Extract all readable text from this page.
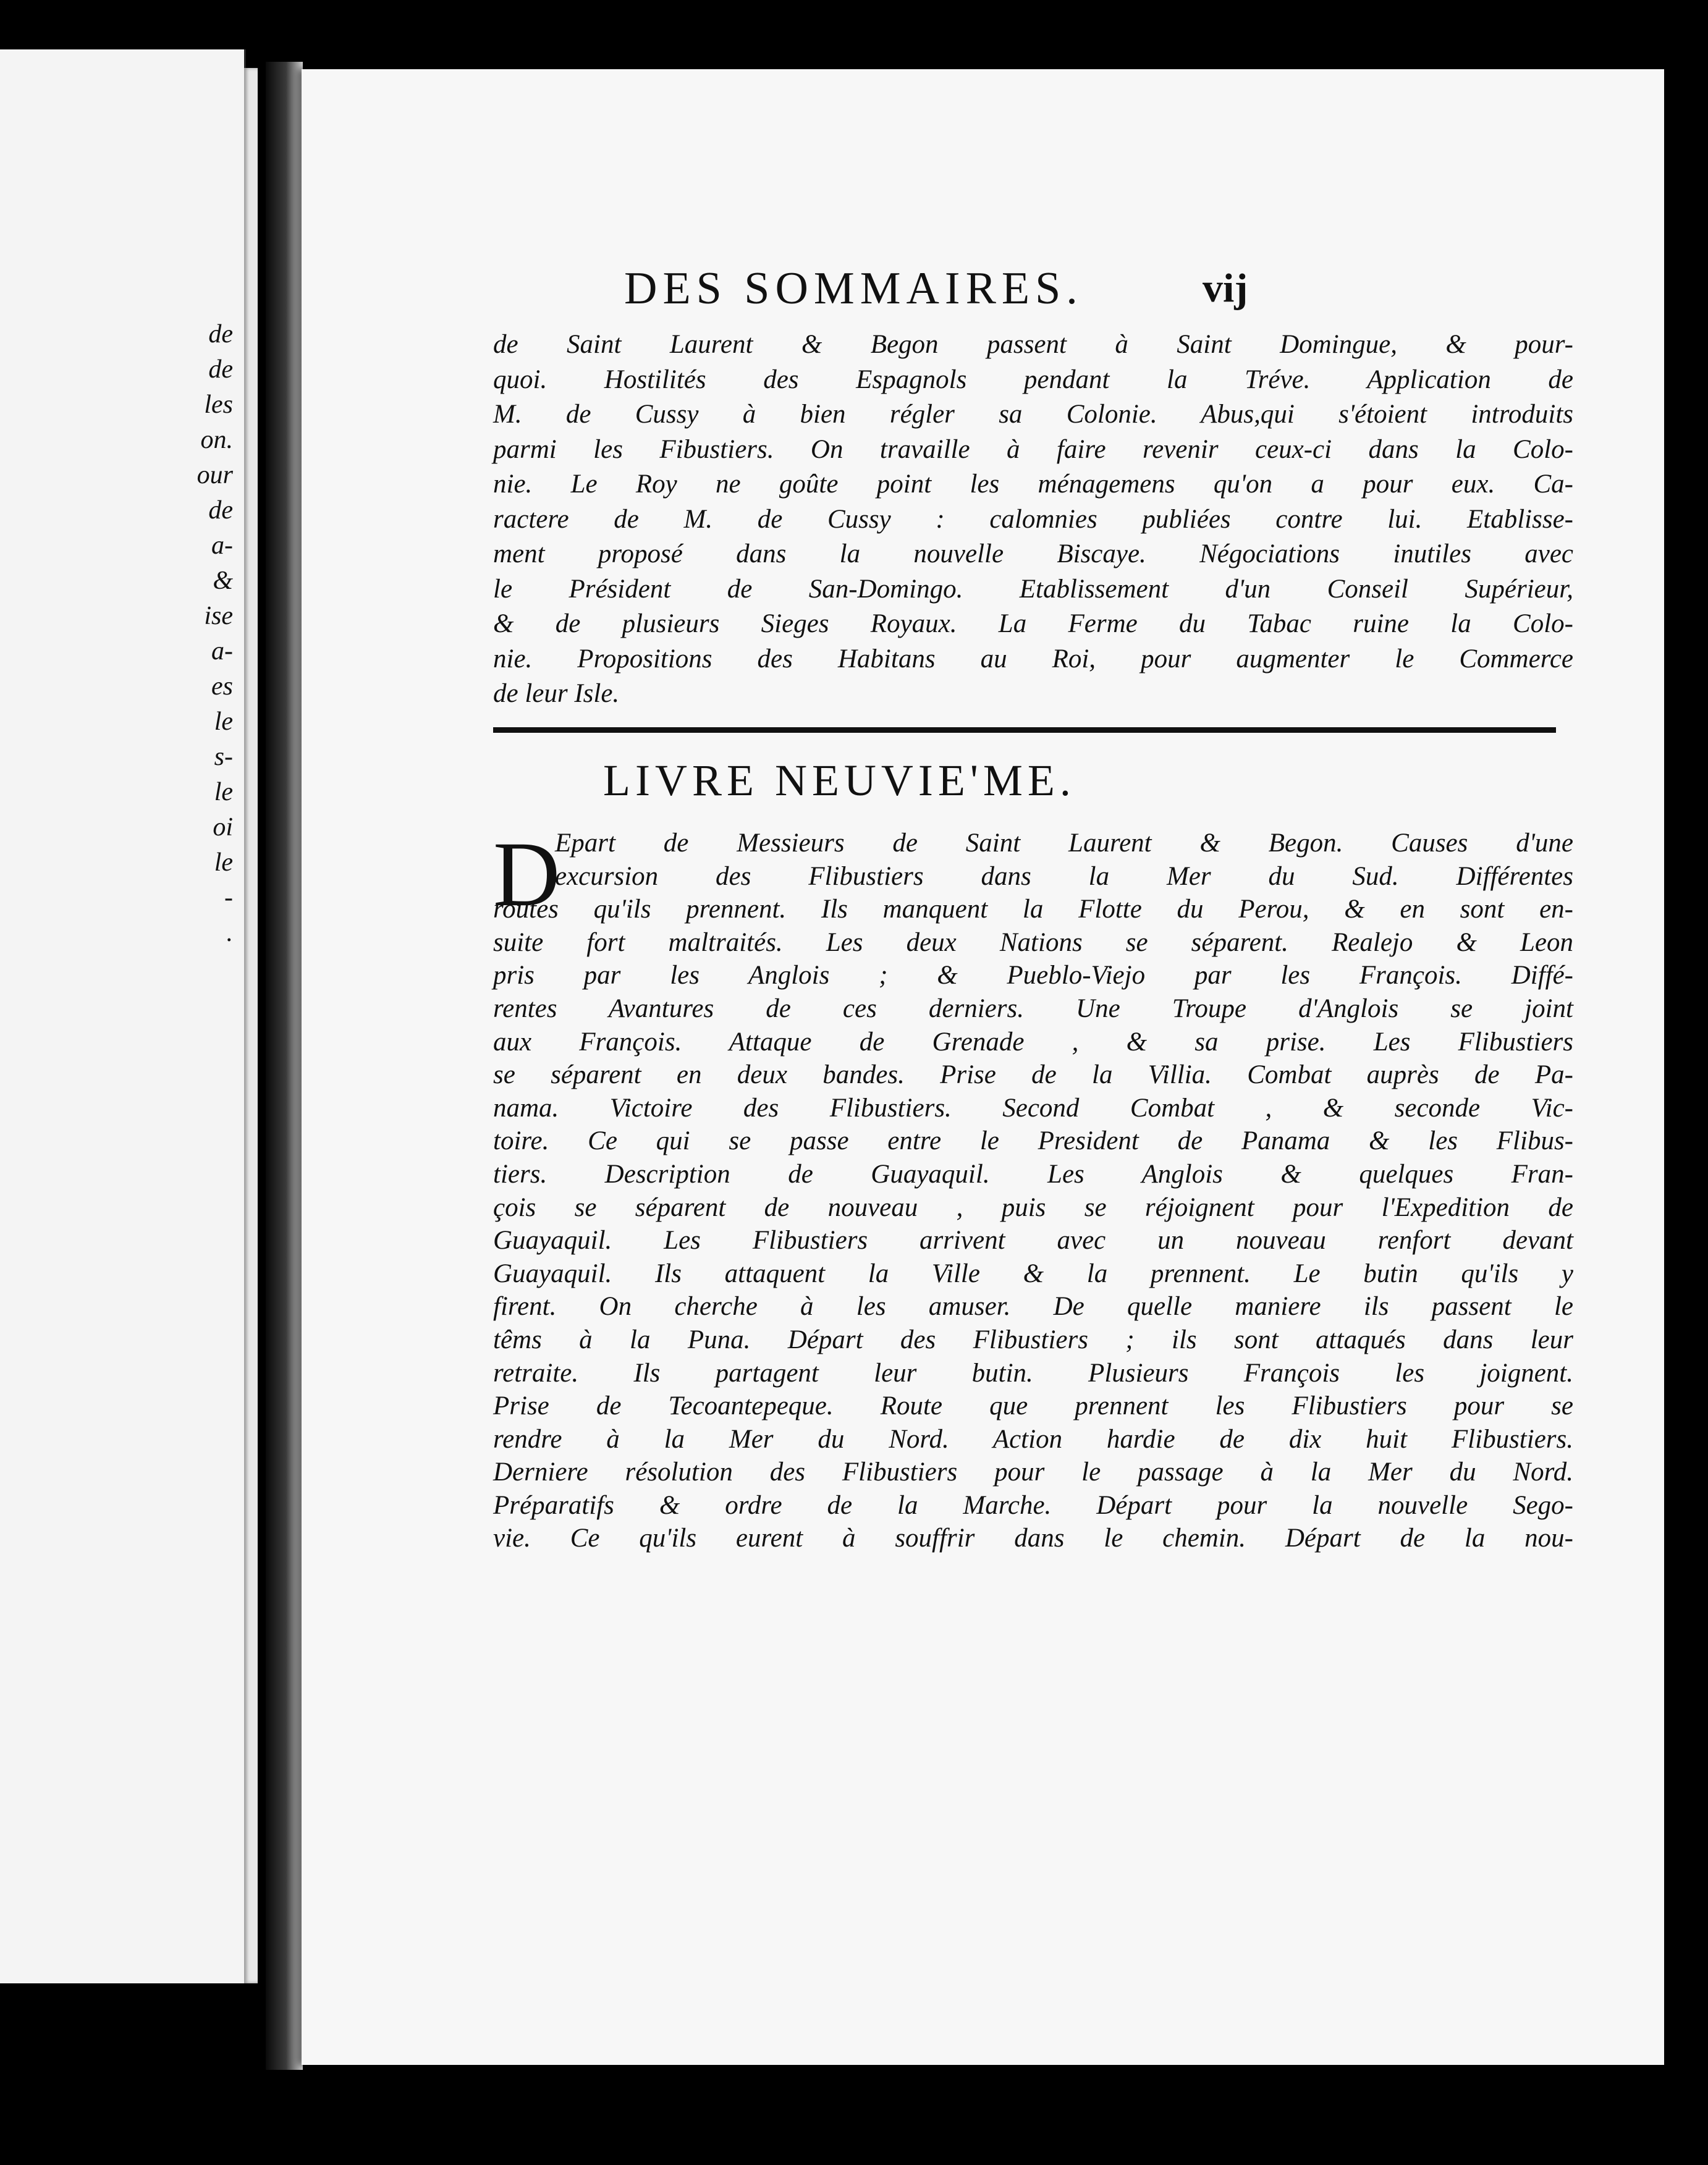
de
de
les
on.
our
de
a-
&
ise
a-
es
le
s-
le
oi
le
-
.
DES SOMMAIRES.	vij
de Saint Laurent & Begon passent à Saint Domingue, & pour-
quoi. Hostilités des Espagnols pendant la Tréve. Application de
M. de Cussy à bien régler sa Colonie. Abus,qui s'étoient introduits
parmi les Fibustiers. On travaille à faire revenir ceux-ci dans la Colo-
nie. Le Roy ne goûte point les ménagemens qu'on a pour eux. Ca-
ractere de M. de Cussy : calomnies publiées contre lui. Etablisse-
ment proposé dans la nouvelle Biscaye. Négociations inutiles avec
le Président de San-Domingo. Etablissement d'un Conseil Supérieur,
& de plusieurs Sieges Royaux. La Ferme du Tabac ruine la Colo-
nie. Propositions des Habitans au Roi, pour augmenter le Commerce
de leur Isle.
LIVRE NEUVIE'ME.
D
Epart de Messieurs de Saint Laurent & Begon. Causes d'une
excursion des Flibustiers dans la Mer du Sud. Différentes
routes qu'ils prennent. Ils manquent la Flotte du Perou, & en sont en-
suite fort maltraités. Les deux Nations se séparent. Realejo & Leon
pris par les Anglois ; & Pueblo-Viejo par les François. Diffé-
rentes Avantures de ces derniers. Une Troupe d'Anglois se joint
aux François. Attaque de Grenade , & sa prise. Les Flibustiers
se séparent en deux bandes. Prise de la Villia. Combat auprès de Pa-
nama. Victoire des Flibustiers. Second Combat , & seconde Vic-
toire. Ce qui se passe entre le President de Panama & les Flibus-
tiers. Description de Guayaquil. Les Anglois & quelques Fran-
çois se séparent de nouveau , puis se réjoignent pour l'Expedition de
Guayaquil. Les Flibustiers arrivent avec un nouveau renfort devant
Guayaquil. Ils attaquent la Ville & la prennent. Le butin qu'ils y
firent. On cherche à les amuser. De quelle maniere ils passent le
têms à la Puna. Départ des Flibustiers ; ils sont attaqués dans leur
retraite. Ils partagent leur butin. Plusieurs François les joignent.
Prise de Tecoantepeque. Route que prennent les Flibustiers pour se
rendre à la Mer du Nord. Action hardie de dix huit Flibustiers.
Derniere résolution des Flibustiers pour le passage à la Mer du Nord.
Préparatifs & ordre de la Marche. Départ pour la nouvelle Sego-
vie. Ce qu'ils eurent à souffrir dans le chemin. Départ de la nou-
